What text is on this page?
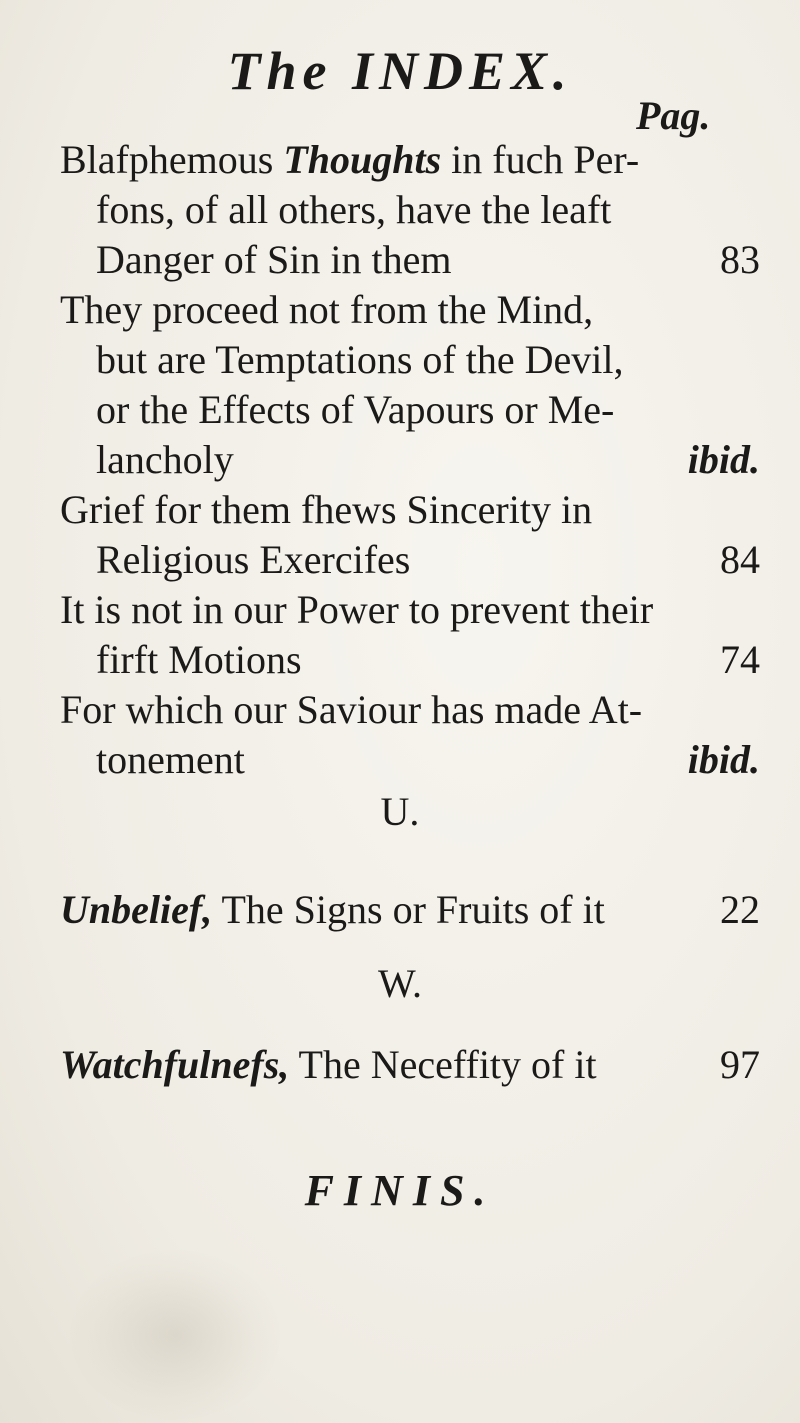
The INDEX.
Pag.
Blafphemous Thoughts in fuch Per-
fons, of all others, have the leaft
Danger of Sin in them	83
They proceed not from the Mind,
but are Temptations of the Devil,
or the Effects of Vapours or Me-
lancholy	ibid.
Grief for them fhews Sincerity in
Religious Exercifes	84
It is not in our Power to prevent their
firft Motions	74
For which our Saviour has made At-
tonement	ibid.
U.
Unbelief, The Signs or Fruits of it	22
W.
Watchfulnefs, The Neceffity of it	97
FINIS.
